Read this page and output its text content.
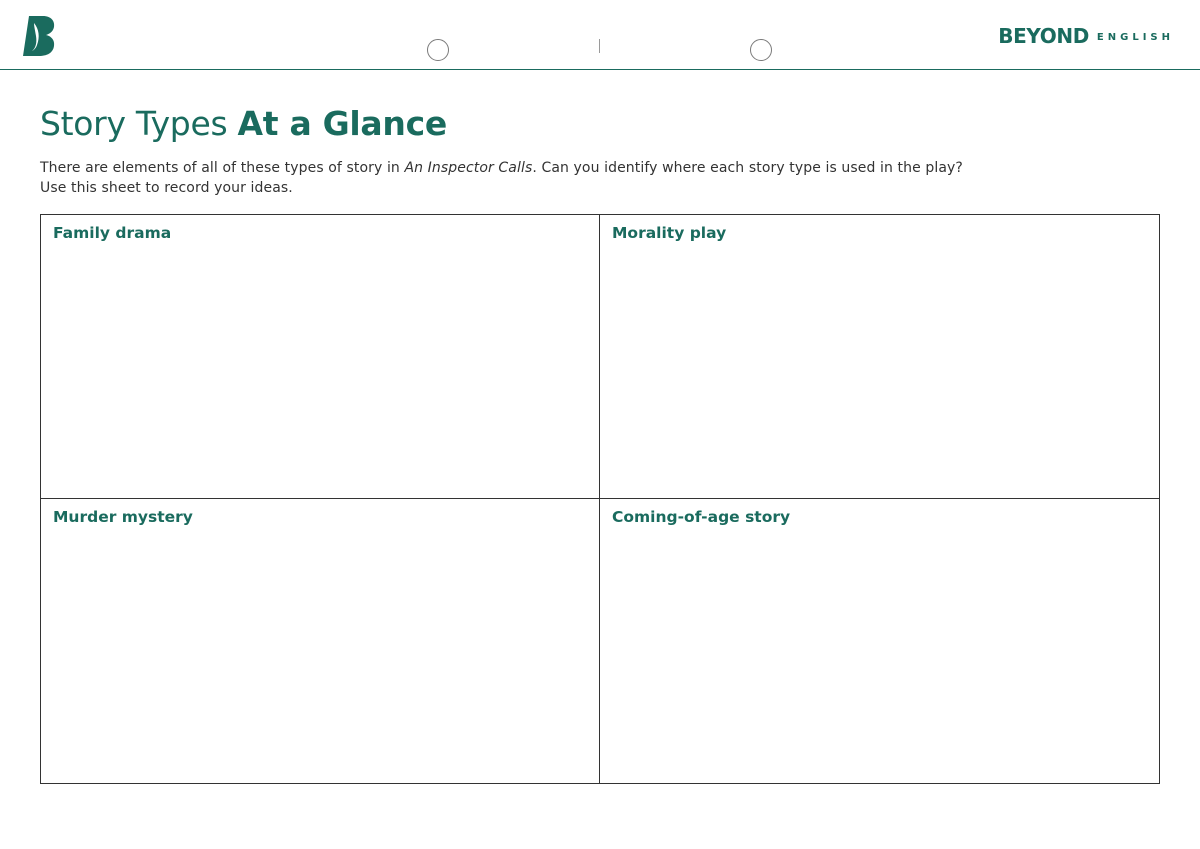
BEYOND ENGLISH
Story Types At a Glance

There are elements of all of these types of story in An Inspector Calls. Can you identify where each story type is used in the play?

Use this sheet to record your ideas.

Family drama	Morality play
Murder mystery	Coming-of-age story
